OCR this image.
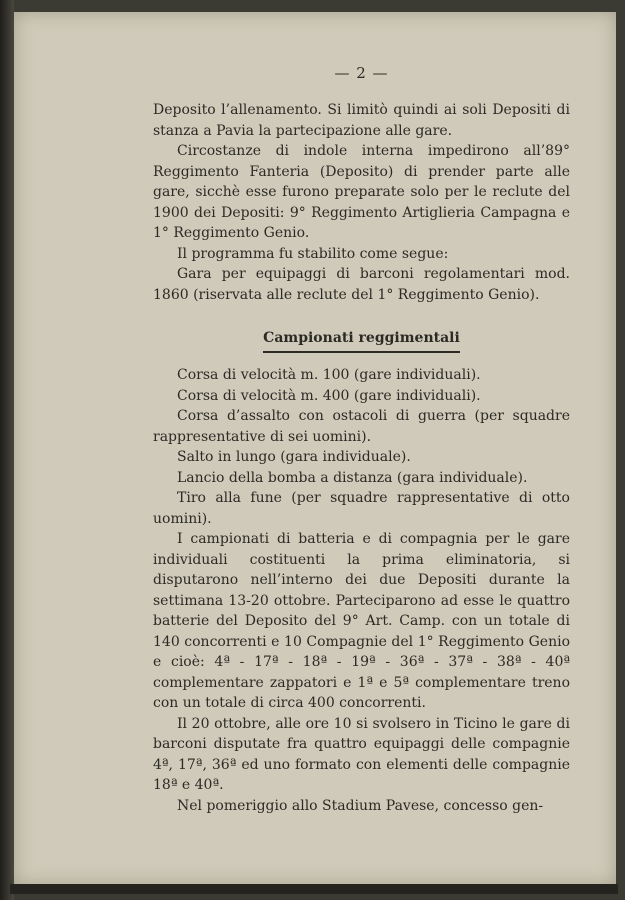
— 2 —

Deposito l’allenamento. Si limitò quindi ai soli Depositi di stanza a Pavia la partecipazione alle gare.

Circostanze di indole interna impedirono all’89° Reggimento Fanteria (Deposito) di prender parte alle gare, sicchè esse furono preparate solo per le reclute del 1900 dei Depositi: 9° Reggimento Artiglieria Campagna e 1° Reggimento Genio.

Il programma fu stabilito come segue:

Gara per equipaggi di barconi regolamentari mod. 1860 (riservata alle reclute del 1° Reggimento Genio).

Campionati reggimentali

Corsa di velocità m. 100 (gare individuali).

Corsa di velocità m. 400 (gare individuali).

Corsa d’assalto con ostacoli di guerra (per squadre rappresentative di sei uomini).

Salto in lungo (gara individuale).

Lancio della bomba a distanza (gara individuale).

Tiro alla fune (per squadre rappresentative di otto uomini).

I campionati di batteria e di compagnia per le gare individuali costituenti la prima eliminatoria, si disputarono nell’interno dei due Depositi durante la settimana 13-20 ottobre. Parteciparono ad esse le quattro batterie del Deposito del 9° Art. Camp. con un totale di 140 concorrenti e 10 Compagnie del 1° Reggimento Genio e cioè: 4ª - 17ª - 18ª - 19ª - 36ª - 37ª - 38ª - 40ª complementare zappatori e 1ª e 5ª complementare treno con un totale di circa 400 concorrenti.

Il 20 ottobre, alle ore 10 si svolsero in Ticino le gare di barconi disputate fra quattro equipaggi delle compagnie 4ª, 17ª, 36ª ed uno formato con elementi delle compagnie 18ª e 40ª.

Nel pomeriggio allo Stadium Pavese, concesso gen-
